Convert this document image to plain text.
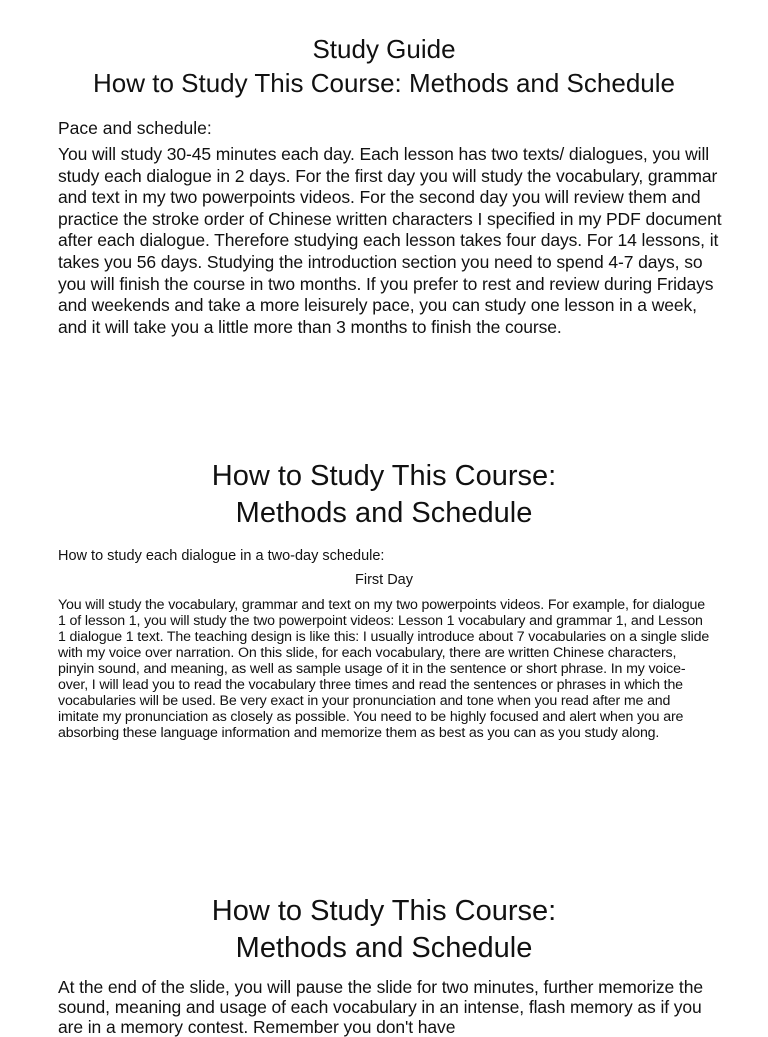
Study Guide
How to Study This Course: Methods and Schedule

Pace and schedule:

You will study 30-45 minutes each day. Each lesson has two texts/ dialogues, you will study each dialogue in 2 days. For the first day you will study the vocabulary, grammar and text in my two powerpoints videos. For the second day you will review them and practice the stroke order of Chinese written characters I specified in my PDF document after each dialogue. Therefore studying each lesson takes four days. For 14 lessons, it takes you 56 days. Studying the introduction section you need to spend 4-7 days, so you will finish the course in two months. If you prefer to rest and review during Fridays and weekends and take a more leisurely pace, you can study one lesson in a week, and it will take you a little more than 3 months to finish the course.

How to Study This Course:
Methods and Schedule

How to study each dialogue in a two-day schedule:

First Day

You will study the vocabulary, grammar and text on my two powerpoints videos. For example, for dialogue 1 of lesson 1, you will study the two powerpoint videos: Lesson 1 vocabulary and grammar 1, and Lesson 1 dialogue 1 text. The teaching design is like this: I usually introduce about 7 vocabularies on a single slide with my voice over narration. On this slide, for each vocabulary, there are written Chinese characters, pinyin sound, and meaning, as well as sample usage of it in the sentence or short phrase. In my voice-over, I will lead you to read the vocabulary three times and read the sentences or phrases in which the vocabularies will be used. Be very exact in your pronunciation and tone when you read after me and imitate my pronunciation as closely as possible. You need to be highly focused and alert when you are absorbing these language information and memorize them as best as you can as you study along.

How to Study This Course:
Methods and Schedule

At the end of the slide, you will pause the slide for two minutes, further memorize the sound, meaning and usage of each vocabulary in an intense, flash memory as if you are in a memory contest. Remember you don't have
